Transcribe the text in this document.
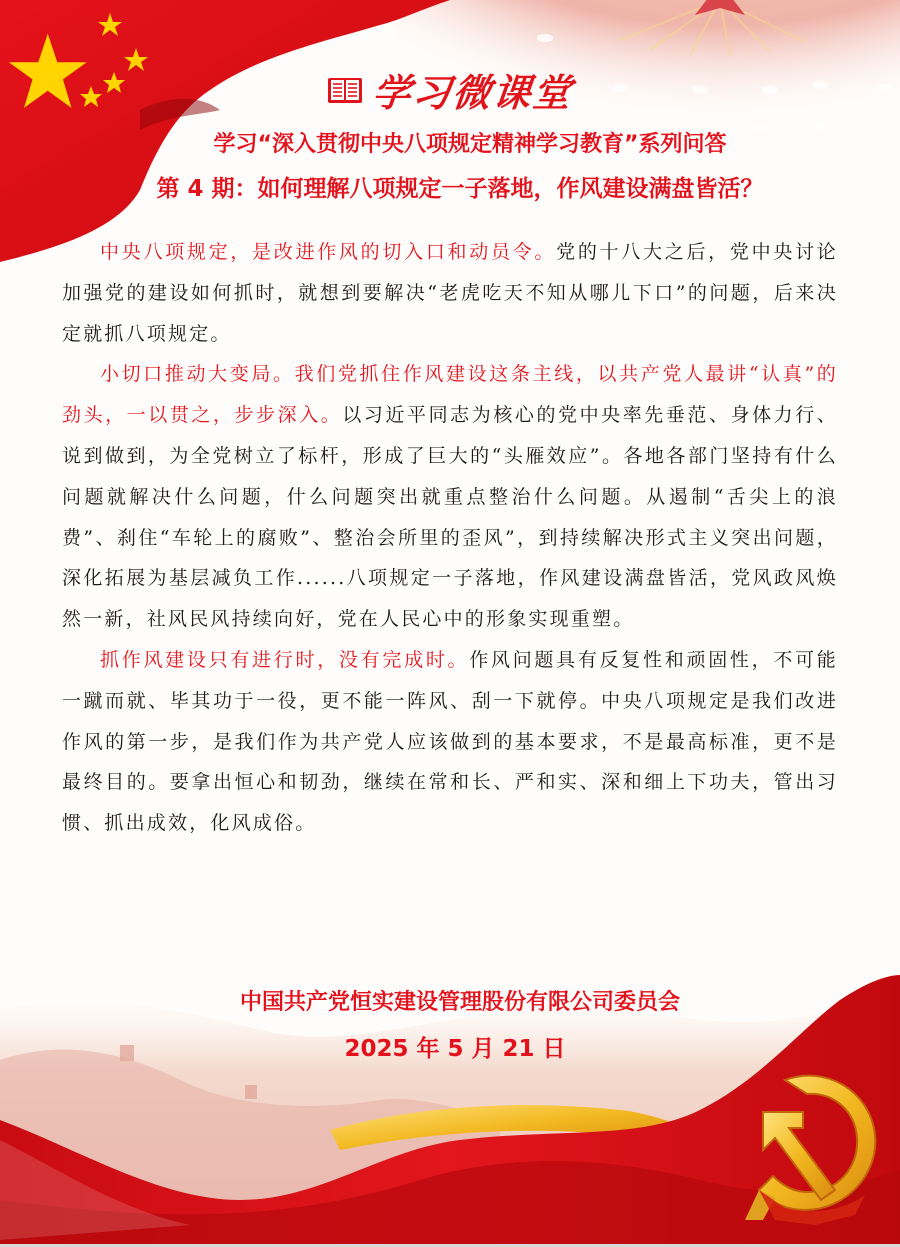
学习微课堂
学习“深入贯彻中央八项规定精神学习教育”系列问答
第 4 期：如何理解八项规定一子落地，作风建设满盘皆活？

中央八项规定，是改进作风的切入口和动员令。党的十八大之后，党中央讨论加强党的建设如何抓时，就想到要解决“老虎吃天不知从哪儿下口”的问题，后来决定就抓八项规定。

小切口推动大变局。我们党抓住作风建设这条主线，以共产党人最讲“认真”的劲头，一以贯之，步步深入。以习近平同志为核心的党中央率先垂范、身体力行、说到做到，为全党树立了标杆，形成了巨大的“头雁效应”。各地各部门坚持有什么问题就解决什么问题，什么问题突出就重点整治什么问题。从遏制“舌尖上的浪费”、刹住“车轮上的腐败”、整治会所里的歪风”，到持续解决形式主义突出问题，深化拓展为基层减负工作......八项规定一子落地，作风建设满盘皆活，党风政风焕然一新，社风民风持续向好，党在人民心中的形象实现重塑。

抓作风建设只有进行时，没有完成时。作风问题具有反复性和顽固性，不可能一蹴而就、毕其功于一役，更不能一阵风、刮一下就停。中央八项规定是我们改进作风的第一步，是我们作为共产党人应该做到的基本要求，不是最高标准，更不是最终目的。要拿出恒心和韧劲，继续在常和长、严和实、深和细上下功夫，管出习惯、抓出成效，化风成俗。

中国共产党恒实建设管理股份有限公司委员会
2025 年 5 月 21 日
